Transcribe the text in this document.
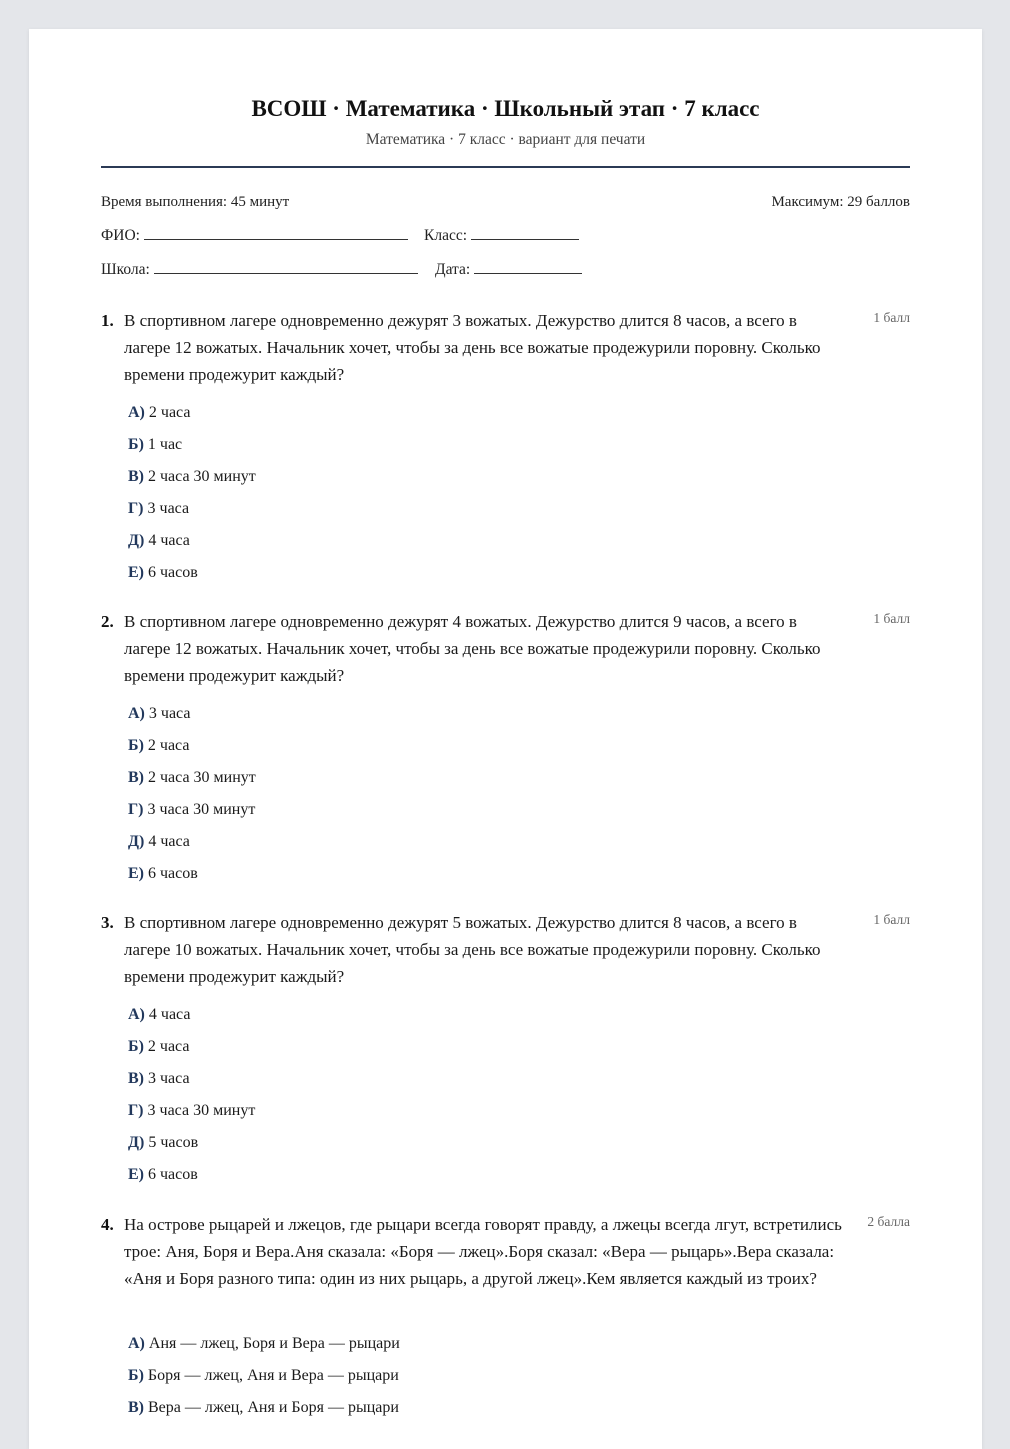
ВСОШ · Математика · Школьный этап · 7 класс
Математика · 7 класс · вариант для печати
Время выполнения: 45 минут	Максимум: 29 баллов
ФИО:	Класс:
Школа:	Дата:
1. В спортивном лагере одновременно дежурят 3 вожатых. Дежурство длится 8 часов, а всего в лагере 12 вожатых. Начальник хочет, чтобы за день все вожатые продежурили поровну. Сколько времени продежурит каждый?
1 балл
А) 2 часа
Б) 1 час
В) 2 часа 30 минут
Г) 3 часа
Д) 4 часа
Е) 6 часов
2. В спортивном лагере одновременно дежурят 4 вожатых. Дежурство длится 9 часов, а всего в лагере 12 вожатых. Начальник хочет, чтобы за день все вожатые продежурили поровну. Сколько времени продежурит каждый?
1 балл
А) 3 часа
Б) 2 часа
В) 2 часа 30 минут
Г) 3 часа 30 минут
Д) 4 часа
Е) 6 часов
3. В спортивном лагере одновременно дежурят 5 вожатых. Дежурство длится 8 часов, а всего в лагере 10 вожатых. Начальник хочет, чтобы за день все вожатые продежурили поровну. Сколько времени продежурит каждый?
1 балл
А) 4 часа
Б) 2 часа
В) 3 часа
Г) 3 часа 30 минут
Д) 5 часов
Е) 6 часов
4. На острове рыцарей и лжецов, где рыцари всегда говорят правду, а лжецы всегда лгут, встретились трое: Аня, Боря и Вера.Аня сказала: «Боря — лжец».Боря сказал: «Вера — рыцарь».Вера сказала: «Аня и Боря разного типа: один из них рыцарь, а другой лжец».Кем является каждый из троих?
2 балла
А) Аня — лжец, Боря и Вера — рыцари
Б) Боря — лжец, Аня и Вера — рыцари
В) Вера — лжец, Аня и Боря — рыцари
